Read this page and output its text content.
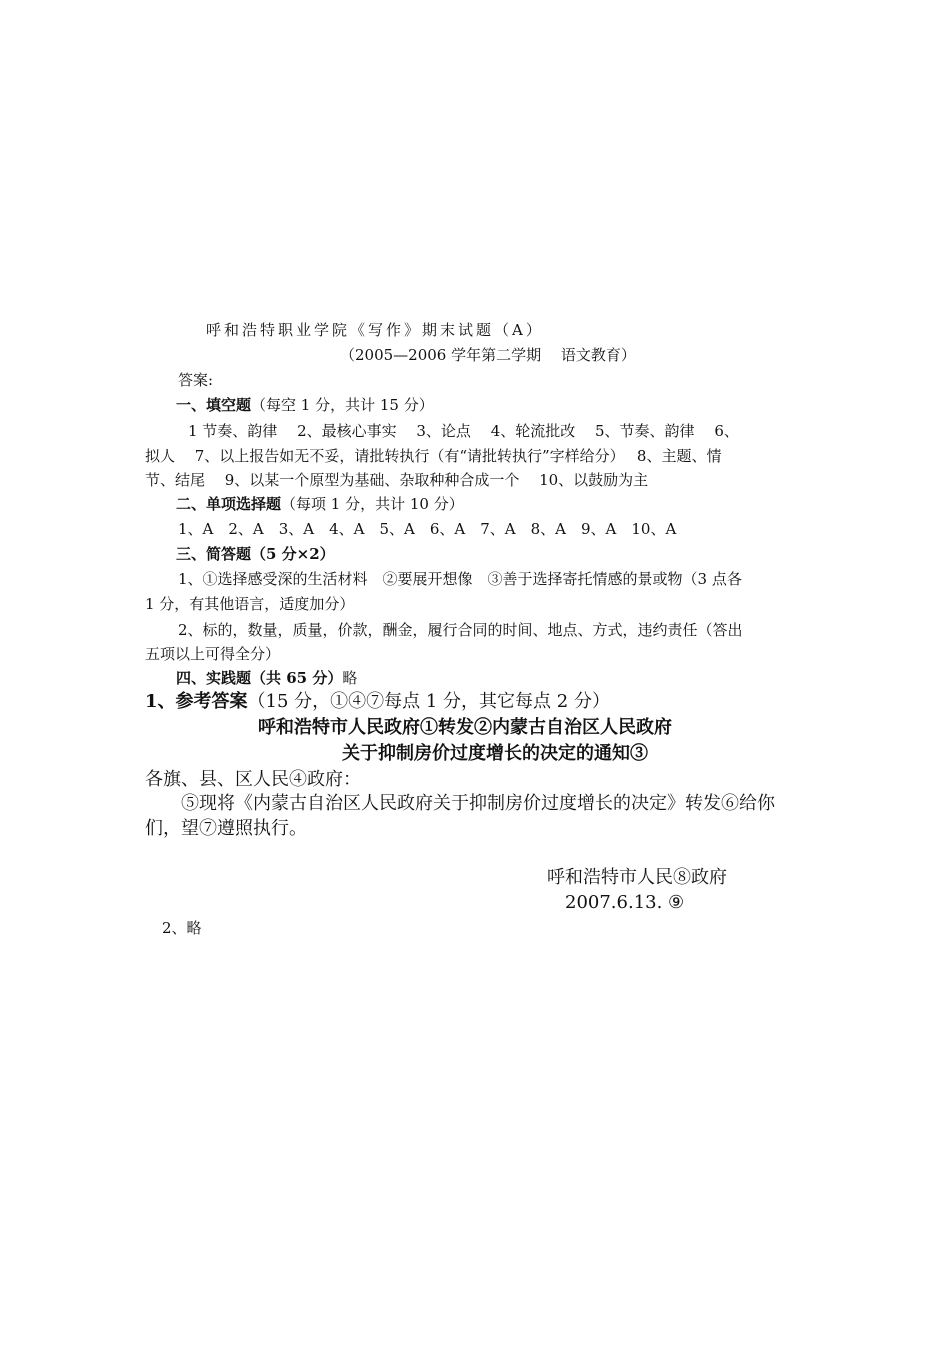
呼和浩特职业学院《写作》期末试题（A）
（2005—2006 学年第二学期　 语文教育）
答案:
一、填空题（每空 1 分，共计 15 分）
1 节奏、韵律　 2、最核心事实　 3、论点　 4、轮流批改　 5、节奏、韵律　 6、
拟人　 7、以上报告如无不妥，请批转执行（有“请批转执行”字样给分）　 8、主题、情
节、结尾　 9、以某一个原型为基础、杂取种种合成一个　 10、以鼓励为主
二、单项选择题（每项 1 分，共计 10 分）
1、A　2、A　3、A　4、A　5、A　6、A　7、A　8、A　9、A　10、A
三、简答题（5 分×2）
1、①选择感受深的生活材料　②要展开想像　③善于选择寄托情感的景或物（3 点各
1 分，有其他语言，适度加分）
2、标的，数量，质量，价款，酬金，履行合同的时间、地点、方式，违约责任（答出
五项以上可得全分）
四、实践题（共 65 分）略
1、参考答案（15 分，①④⑦每点 1 分，其它每点 2 分）
呼和浩特市人民政府①转发②内蒙古自治区人民政府
关于抑制房价过度增长的决定的通知③
各旗、县、区人民④政府：
⑤现将《内蒙古自治区人民政府关于抑制房价过度增长的决定》转发⑥给你
们，望⑦遵照执行。
呼和浩特市人民⑧政府
2007.6.13. ⑨
2、略
